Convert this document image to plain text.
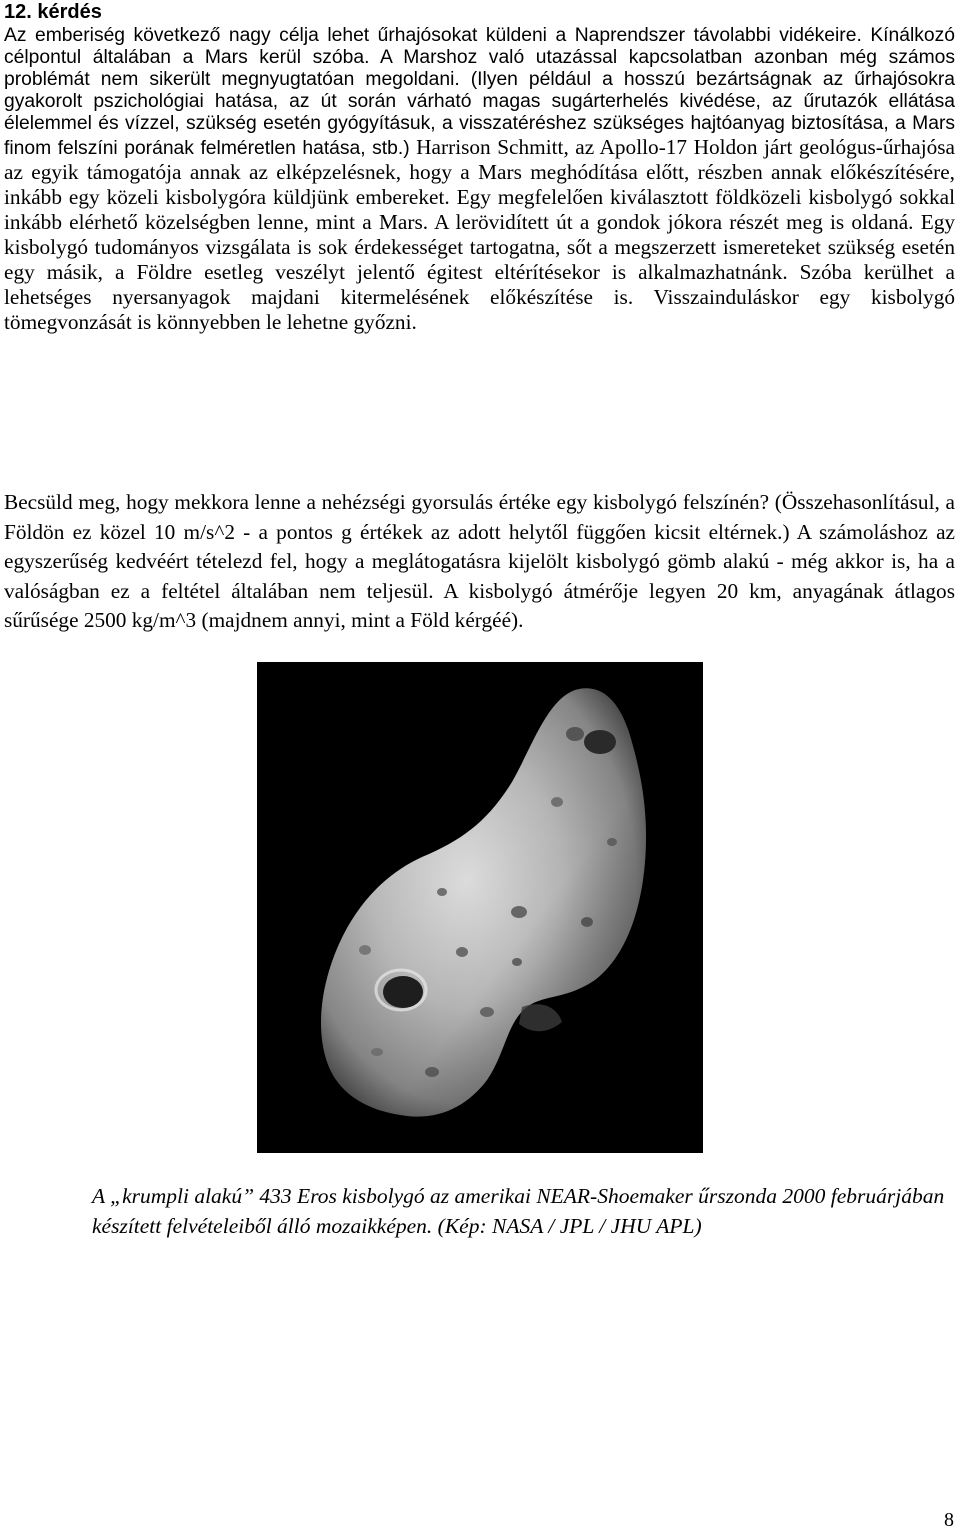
12. kérdés

Az emberiség következő nagy célja lehet űrhajósokat küldeni a Naprendszer távolabbi vidékeire. Kínálkozó célpontul általában a Mars kerül szóba. A Marshoz való utazással kapcsolatban azonban még számos problémát nem sikerült megnyugtatóan megoldani. (Ilyen például a hosszú bezártságnak az űrhajósokra gyakorolt pszichológiai hatása, az út során várható magas sugárterhelés kivédése, az űrutazók ellátása élelemmel és vízzel, szükség esetén gyógyításuk, a visszatéréshez szükséges hajtóanyag biztosítása, a Mars finom felszíni porának felméretlen hatása, stb.) Harrison Schmitt, az Apollo-17 Holdon járt geológus-űrhajósa az egyik támogatója annak az elképzelésnek, hogy a Mars meghódítása előtt, részben annak előkészítésére, inkább egy közeli kisbolygóra küldjünk embereket. Egy megfelelően kiválasztott földközeli kisbolygó sokkal inkább elérhető közelségben lenne, mint a Mars. A lerövidített út a gondok jókora részét meg is oldaná. Egy kisbolygó tudományos vizsgálata is sok érdekességet tartogatna, sőt a megszerzett ismereteket szükség esetén egy másik, a Földre esetleg veszélyt jelentő égitest eltérítésekor is alkalmazhatnánk. Szóba kerülhet a lehetséges nyersanyagok majdani kitermelésének előkészítése is. Visszainduláskor egy kisbolygó tömegvonzását is könnyebben le lehetne győzni.

Becsüld meg, hogy mekkora lenne a nehézségi gyorsulás értéke egy kisbolygó felszínén? (Összehasonlításul, a Földön ez közel 10 m/s^2 - a pontos g értékek az adott helytől függően kicsit eltérnek.) A számoláshoz az egyszerűség kedvéért tételezd fel, hogy a meglátogatásra kijelölt kisbolygó gömb alakú - még akkor is, ha a valóságban ez a feltétel általában nem teljesül. A kisbolygó átmérője legyen 20 km, anyagának átlagos sűrűsége 2500 kg/m^3 (majdnem annyi, mint a Föld kérgéé).

A „krumpli alakú” 433 Eros kisbolygó az amerikai NEAR-Shoemaker űrszonda 2000 februárjában készített felvételeiből álló mozaikképen. (Kép: NASA / JPL / JHU APL)

8
